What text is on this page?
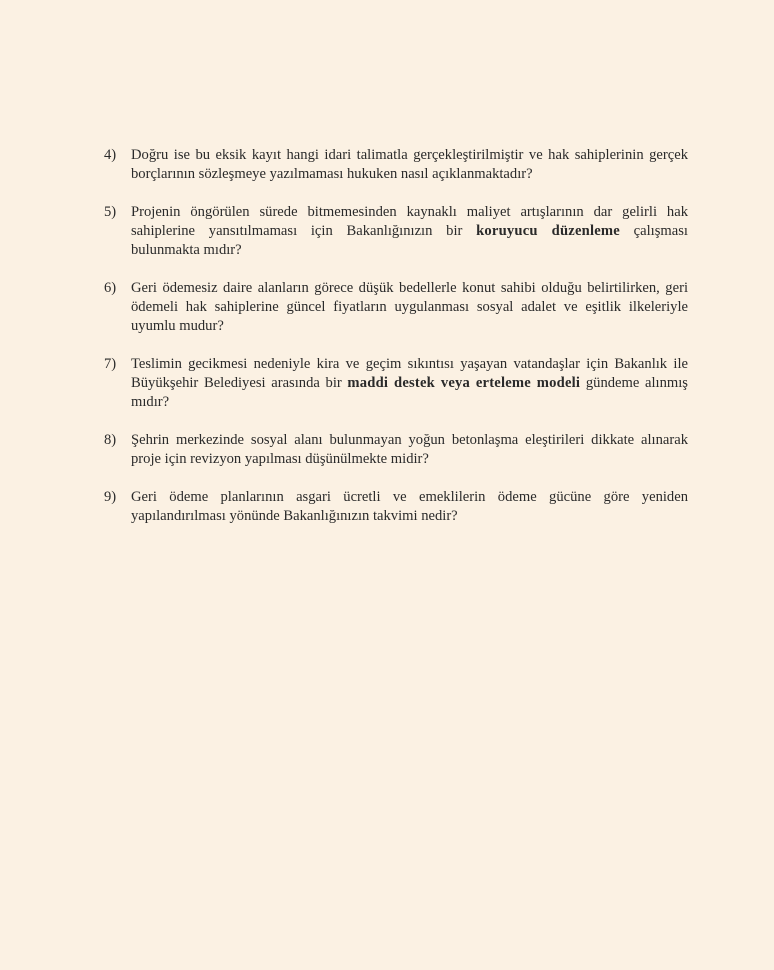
4) Doğru ise bu eksik kayıt hangi idari talimatla gerçekleştirilmiştir ve hak sahiplerinin gerçek borçlarının sözleşmeye yazılmaması hukuken nasıl açıklanmaktadır?
5) Projenin öngörülen sürede bitmemesinden kaynaklı maliyet artışlarının dar gelirli hak sahiplerine yansıtılmaması için Bakanlığınızın bir koruyucu düzenleme çalışması bulunmakta mıdır?
6) Geri ödemesiz daire alanların görece düşük bedellerle konut sahibi olduğu belirtilirken, geri ödemeli hak sahiplerine güncel fiyatların uygulanması sosyal adalet ve eşitlik ilkeleriyle uyumlu mudur?
7) Teslimin gecikmesi nedeniyle kira ve geçim sıkıntısı yaşayan vatandaşlar için Bakanlık ile Büyükşehir Belediyesi arasında bir maddi destek veya erteleme modeli gündeme alınmış mıdır?
8) Şehrin merkezinde sosyal alanı bulunmayan yoğun betonlaşma eleştirileri dikkate alınarak proje için revizyon yapılması düşünülmekte midir?
9) Geri ödeme planlarının asgari ücretli ve emeklilerin ödeme gücüne göre yeniden yapılandırılması yönünde Bakanlığınızın takvimi nedir?
